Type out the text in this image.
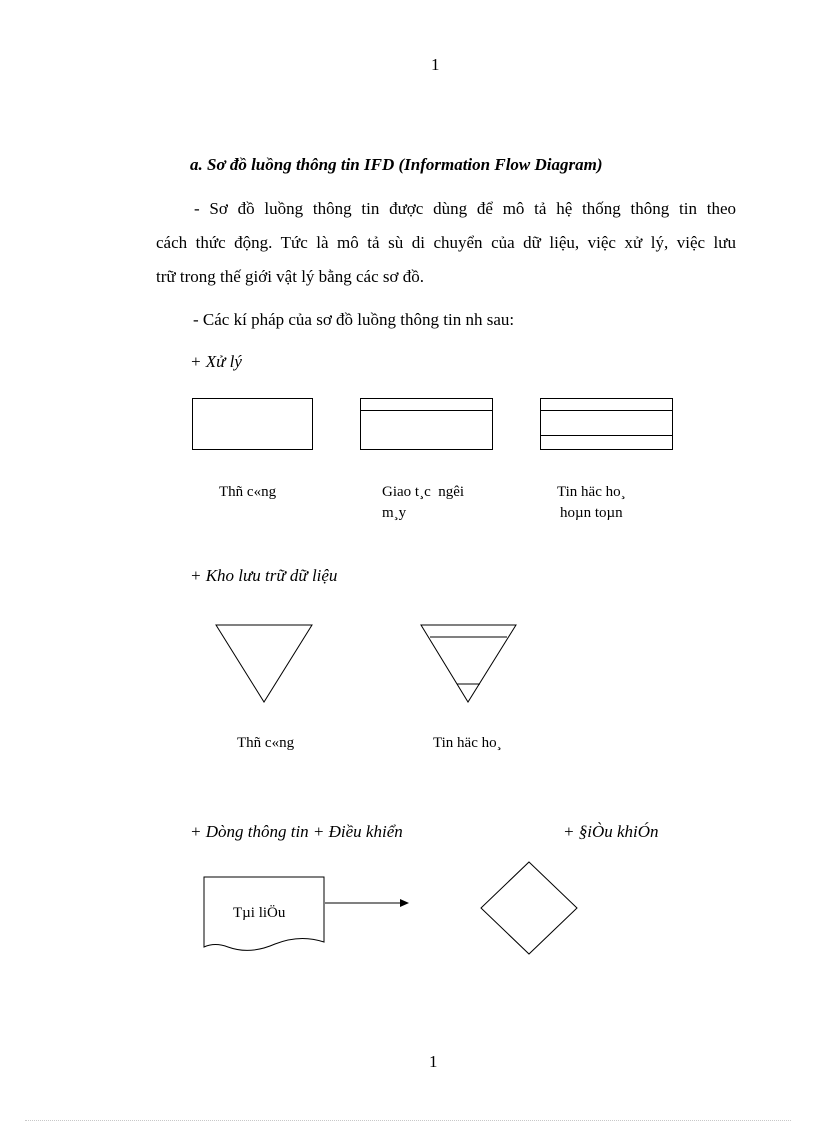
1
a. Sơ đồ luồng thông tin IFD (Information Flow Diagram)
- Sơ đồ luồng thông tin được dùng để mô tả hệ thống thông tin theo
cách thức động. Tức là mô tả sù di chuyển của dữ liệu, việc xử lý, việc lưu
trữ trong thế giới vật lý bằng các sơ đồ.
- Các kí pháp của sơ đồ luồng thông tin nh sau:
+ Xử lý
Thñ c«ng	Giao t¸c  ngêi
m¸y
Tin häc ho¸
hoµn toµn
+ Kho lưu trữ dữ liệu
Thñ c«ng	Tin häc ho¸
+ Dòng thông tin + Điều khiển	+ §iÒu khiÓn
Tµi liÖu
1
